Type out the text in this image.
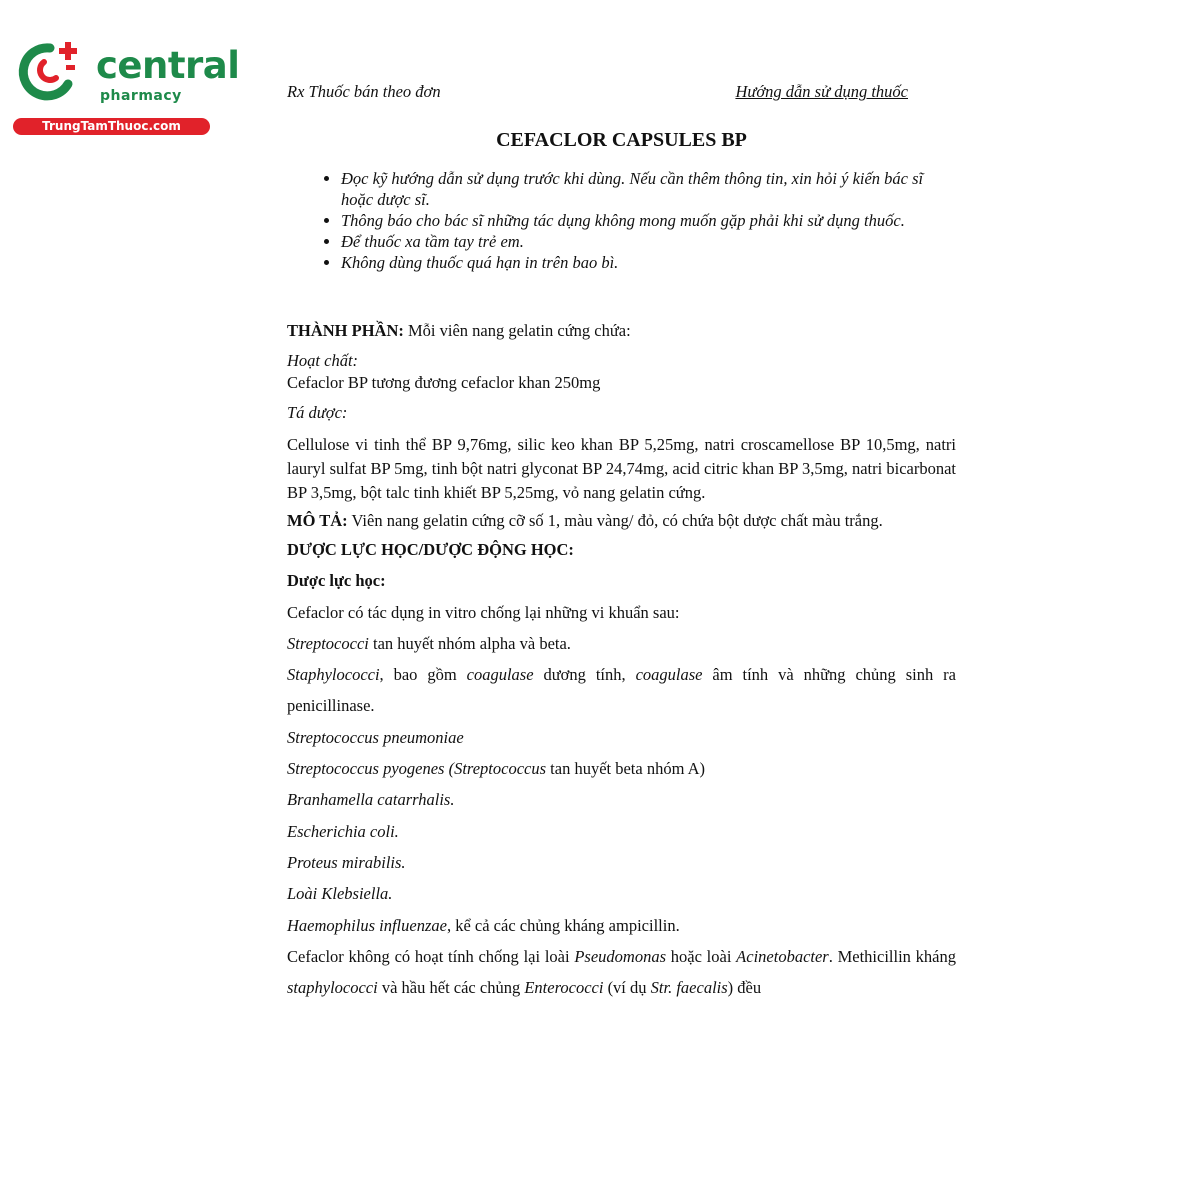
central
pharmacy
TrungTamThuoc.com
Rx Thuốc bán theo đơn	Hướng dẫn sử dụng thuốc
CEFACLOR CAPSULES BP
• Đọc kỹ hướng dẫn sử dụng trước khi dùng. Nếu cần thêm thông tin, xin hỏi ý kiến bác sĩ hoặc dược sĩ.
• Thông báo cho bác sĩ những tác dụng không mong muốn gặp phải khi sử dụng thuốc.
• Để thuốc xa tầm tay trẻ em.
• Không dùng thuốc quá hạn in trên bao bì.

THÀNH PHẦN: Mỗi viên nang gelatin cứng chứa:

Hoạt chất:

Cefaclor BP tương đương cefaclor khan 250mg

Tá dược:

Cellulose vi tinh thể BP 9,76mg, silic keo khan BP 5,25mg, natri croscamellose BP 10,5mg, natri lauryl sulfat BP 5mg, tinh bột natri glyconat BP 24,74mg, acid citric khan BP 3,5mg, natri bicarbonat BP 3,5mg, bột talc tinh khiết BP 5,25mg, vỏ nang gelatin cứng.

MÔ TẢ: Viên nang gelatin cứng cỡ số 1, màu vàng/ đỏ, có chứa bột dược chất màu trắng.

DƯỢC LỰC HỌC/DƯỢC ĐỘNG HỌC:

Dược lực học:

Cefaclor có tác dụng in vitro chống lại những vi khuẩn sau:

Streptococci tan huyết nhóm alpha và beta.

Staphylococci, bao gồm coagulase dương tính, coagulase âm tính và những chủng sinh ra penicillinase.

Streptococcus pneumoniae

Streptococcus pyogenes (Streptococcus tan huyết beta nhóm A)

Branhamella catarrhalis.

Escherichia coli.

Proteus mirabilis.

Loài Klebsiella.

Haemophilus influenzae, kể cả các chủng kháng ampicillin.

Cefaclor không có hoạt tính chống lại loài Pseudomonas hoặc loài Acinetobacter. Methicillin kháng staphylococci và hầu hết các chủng Enterococci (ví dụ Str. faecalis) đều
